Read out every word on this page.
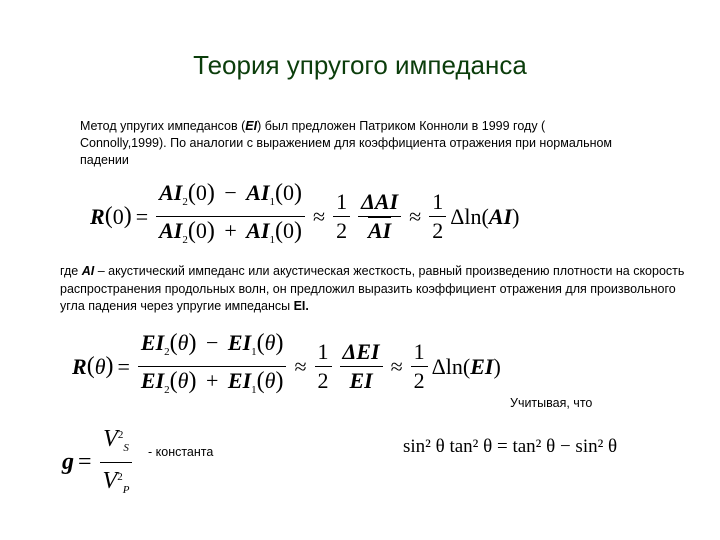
Теория упругого импеданса
Метод упругих импедансов (EI) был предложен Патриком Конноли в 1999 году ( Connolly,1999). По аналогии с выражением для коэффициента отражения при нормальном падении
R ( 0 ) = $\frac{AI_2(0) - AI_1(0)}{AI_2(0) + AI_1(0)} \approx \frac{1}{2} \frac{\text{ΔAI}}{AI} \approx \frac{1}{2} \Delta\ln$( AI )
где AI – акустический импеданс или акустическая жесткость, равный произведению плотности на скорость распространения продольных волн, он предложил выразить коэффициент отражения для произвольного угла падения через упругие импедансы EI.
R ( θ ) = $\frac{EI_2(\theta) - EI_1(\theta)}{EI_2(\theta) + EI_1(\theta)} \approx \frac{1}{2} \frac{\text{ΔEI}}{EI} \approx \frac{1}{2} \Delta\ln$( EI )
Учитывая, что
$g = \frac{V^2_S}{V^2_P}$ - константа	sin² θ tan² θ = tan² θ − sin² θ
